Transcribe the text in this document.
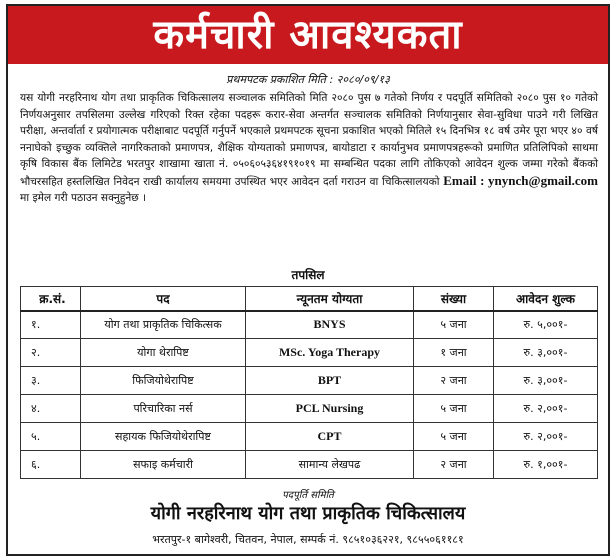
कर्मचारी आवश्यकता
प्रथमपटक प्रकाशित मिति : २०८०/०९/१३

यस योगी नरहरिनाथ योग तथा प्राकृतिक चिकित्सालय सञ्चालक समितिको मिति २०८० पुस ७ गतेको निर्णय र पदपूर्ति समितिको २०८० पुस १० गतेको निर्णयअनुसार तपसिलमा उल्लेख गरिएको रिक्त रहेका पदहरू करार-सेवा अन्तर्गत सञ्चालक समितिको निर्णयानुसार सेवा-सुविधा पाउने गरी लिखित परीक्षा, अन्तर्वार्ता र प्रयोगात्मक परीक्षाबाट पदपूर्ति गर्नुपर्ने भएकाले प्रथमपटक सूचना प्रकाशित भएको मितिले १५ दिनभित्र १८ वर्ष उमेर पूरा भएर ४० वर्ष ननाघेको इच्छुक व्यक्तिले नागरिकताको प्रमाणपत्र, शैक्षिक योग्यताको प्रमाणपत्र, बायोडाटा र कार्यानुभव प्रमाणपत्रहरूको प्रमाणित प्रतिलिपिको साथमा कृषि विकास बैंक लिमिटेड भरतपुर शाखामा खाता नं. ०५०६०५३६४१९१०१९ मा सम्बन्धित पदका लागि तोकिएको आवेदन शुल्क जम्मा गरेको बैंकको भौचरसहित हस्तलिखित निवेदन राखी कार्यालय समयमा उपस्थित भएर आवेदन दर्ता गराउन वा चिकित्सालयको Email : ynynch@gmail.com मा इमेल गरी पठाउन सक्नुहुनेछ ।

तपसिल
क्र.सं.	पद	न्यूनतम योग्यता	संख्या	आवेदन शुल्क
१.	योग तथा प्राकृतिक चिकित्सक	BNYS	५ जना	रु. ५,००१-
२.	योगा थेरापिष्ट	MSc. Yoga Therapy	१ जना	रु. ३,००१-
३.	फिजियोथेरापिष्ट	BPT	२ जना	रु. ३,००१-
४.	परिचारिका नर्स	PCL Nursing	५ जना	रु. २,००१-
५.	सहायक फिजियोथेरापिष्ट	CPT	५ जना	रु. २,००१-
६.	सफाइ कर्मचारी	सामान्य लेखपढ	२ जना	रु. १,००१-
पदपूर्ति समिति
योगी नरहरिनाथ योग तथा प्राकृतिक चिकित्सालय
भरतपुर-१ बागेश्वरी, चितवन, नेपाल, सम्पर्क नं. ९८५१०३६२२१, ९८५५०६११८१
